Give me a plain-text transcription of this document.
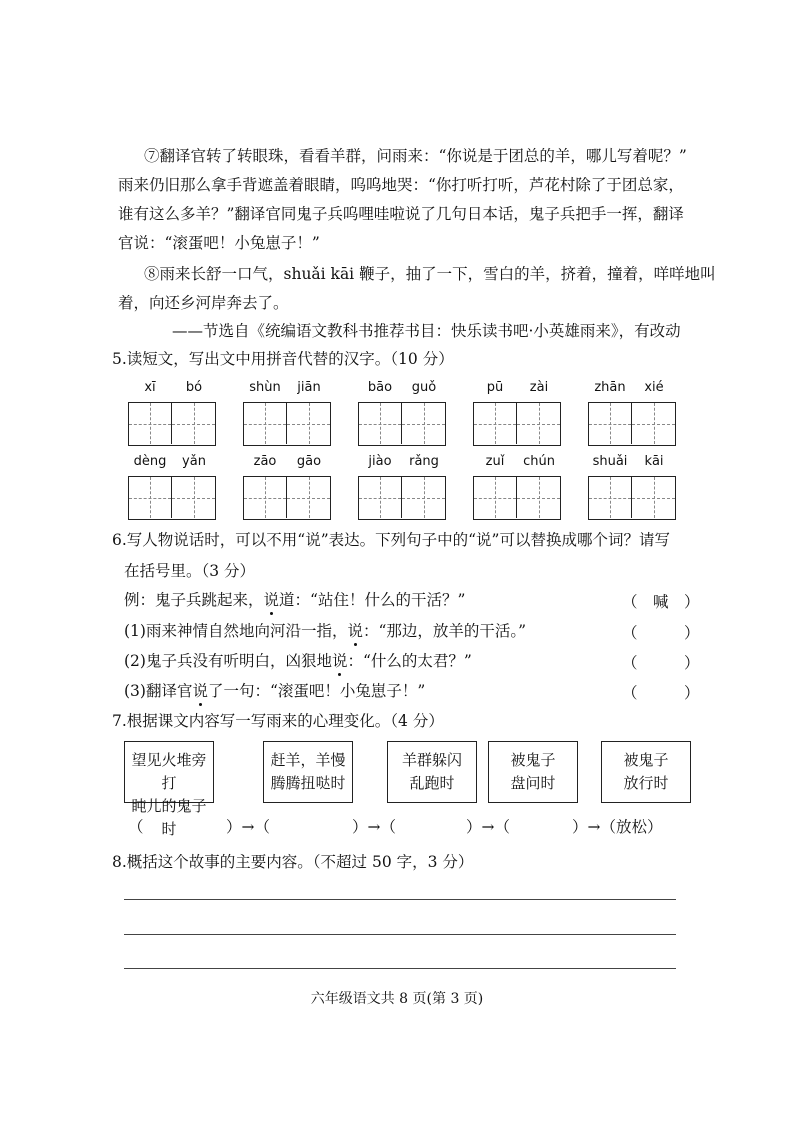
⑦翻译官转了转眼珠，看看羊群，问雨来：“你说是于团总的羊，哪儿写着呢？”
雨来仍旧那么拿手背遮盖着眼睛，呜呜地哭：“你打听打听，芦花村除了于团总家，
谁有这么多羊？”翻译官同鬼子兵呜哩哇啦说了几句日本话，鬼子兵把手一挥，翻译
官说：“滚蛋吧！小兔崽子！”
⑧雨来长舒一口气，shuǎi kāi 鞭子，抽了一下，雪白的羊，挤着，撞着，咩咩地叫
着，向还乡河岸奔去了。
——节选自《统编语文教科书推荐书目：快乐读书吧·小英雄雨来》，有改动
5.读短文，写出文中用拼音代替的汉字。（10 分）
xī	bó	shùn	jiān	bāo	guǒ	pū	zài	zhān	xié
dèng	yǎn	zāo	gāo	jiào	rǎng	zuǐ	chún	shuǎi	kāi
6.写人物说话时，可以不用“说”表达。下列句子中的“说”可以替换成哪个词？请写
在括号里。（3 分）
例：鬼子兵跳起来，说道：“站住！什么的干活？”	（　喊　）
(1)雨来神情自然地向河沿一指，说：“那边，放羊的干活。”	（　　　）
(2)鬼子兵没有听明白，凶狠地说：“什么的太君？”	（　　　）
(3)翻译官说了一句：“滚蛋吧！小兔崽子！”	（　　　）
7.根据课文内容写一写雨来的心理变化。（4 分）
望见火堆旁打
盹儿的鬼子时
赶羊，羊慢
腾腾扭哒时
羊群躲闪
乱跑时
被鬼子
盘问时
被鬼子
放行时
（	）→（	）→（	）→（	）→（放松）
8.概括这个故事的主要内容。（不超过 50 字，3 分）
六年级语文共 8 页(第 3 页)
